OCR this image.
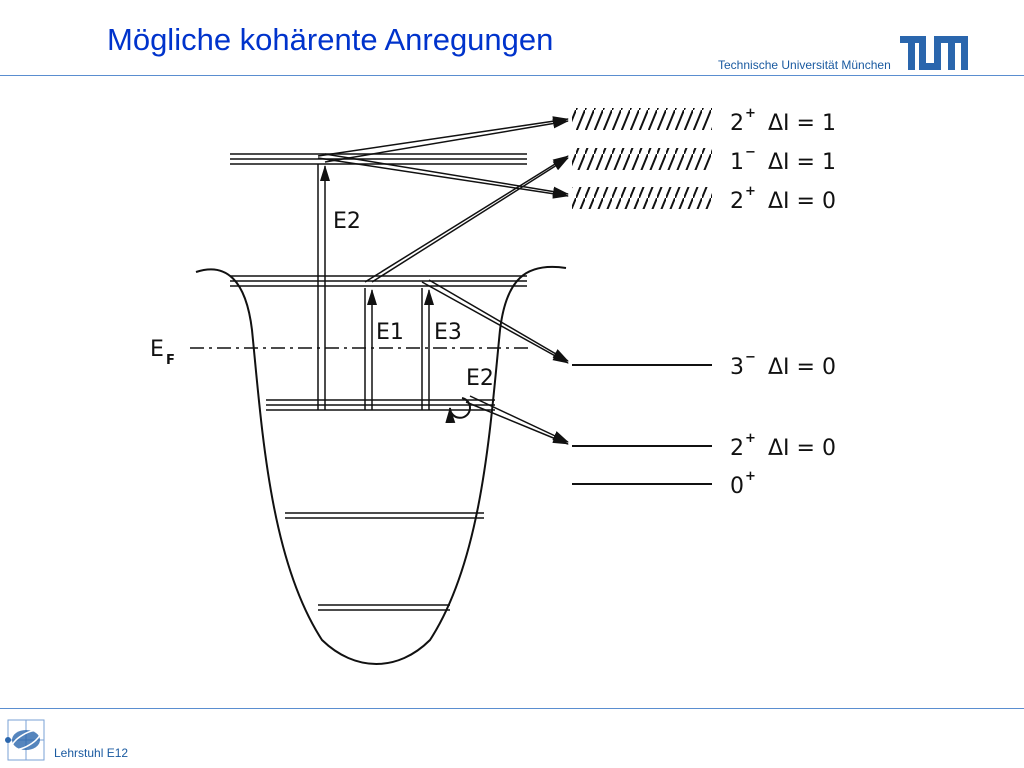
Mögliche kohärente Anregungen
Technische Universität München
E2
E1 E3
E2
E F
2 + ΔI = 1
1 − ΔI = 1
2 + ΔI = 0
3 − ΔI = 0
2 + ΔI = 0
0 +
Lehrstuhl E12
